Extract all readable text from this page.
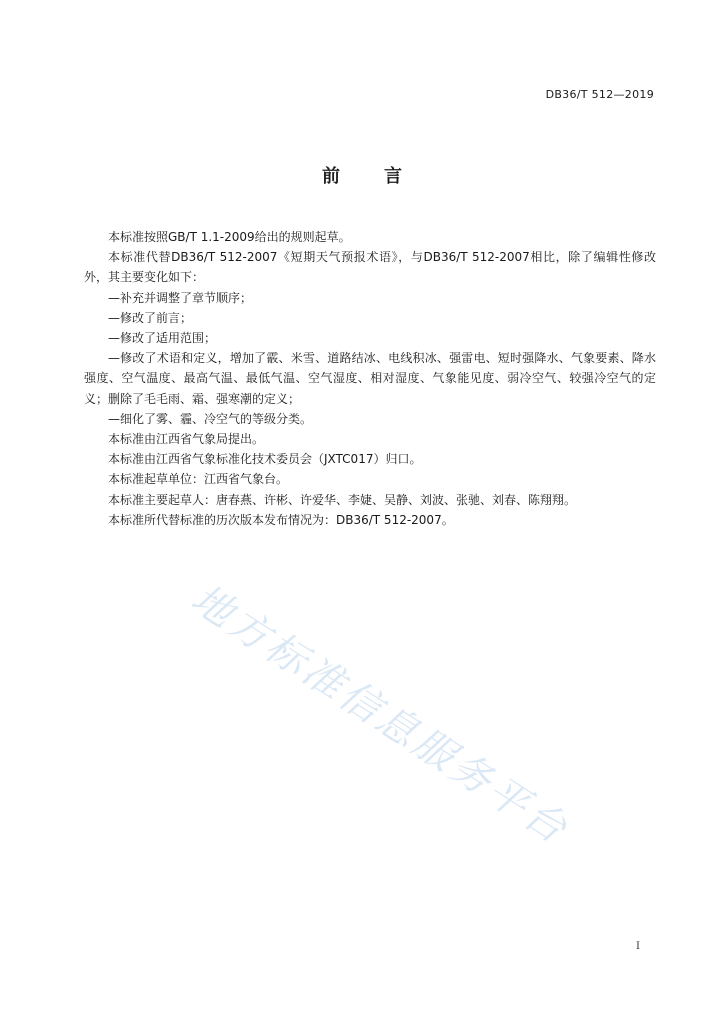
DB36/T 512—2019
前 言

本标准按照GB/T 1.1-2009给出的规则起草。

本标准代替DB36/T 512-2007《短期天气预报术语》，与DB36/T 512-2007相比，除了编辑性修改外，其主要变化如下：

—补充并调整了章节顺序；

—修改了前言；

—修改了适用范围；

—修改了术语和定义，增加了霰、米雪、道路结冰、电线积冰、强雷电、短时强降水、气象要素、降水强度、空气温度、最高气温、最低气温、空气湿度、相对湿度、气象能见度、弱冷空气、较强冷空气的定义；删除了毛毛雨、霜、强寒潮的定义；

—细化了雾、霾、冷空气的等级分类。

本标准由江西省气象局提出。

本标准由江西省气象标准化技术委员会（JXTC017）归口。

本标准起草单位：江西省气象台。

本标准主要起草人：唐春燕、许彬、许爱华、李婕、吴静、刘波、张驰、刘春、陈翔翔。

本标准所代替标准的历次版本发布情况为：DB36/T 512-2007。

地方标准信息服务平台
I
